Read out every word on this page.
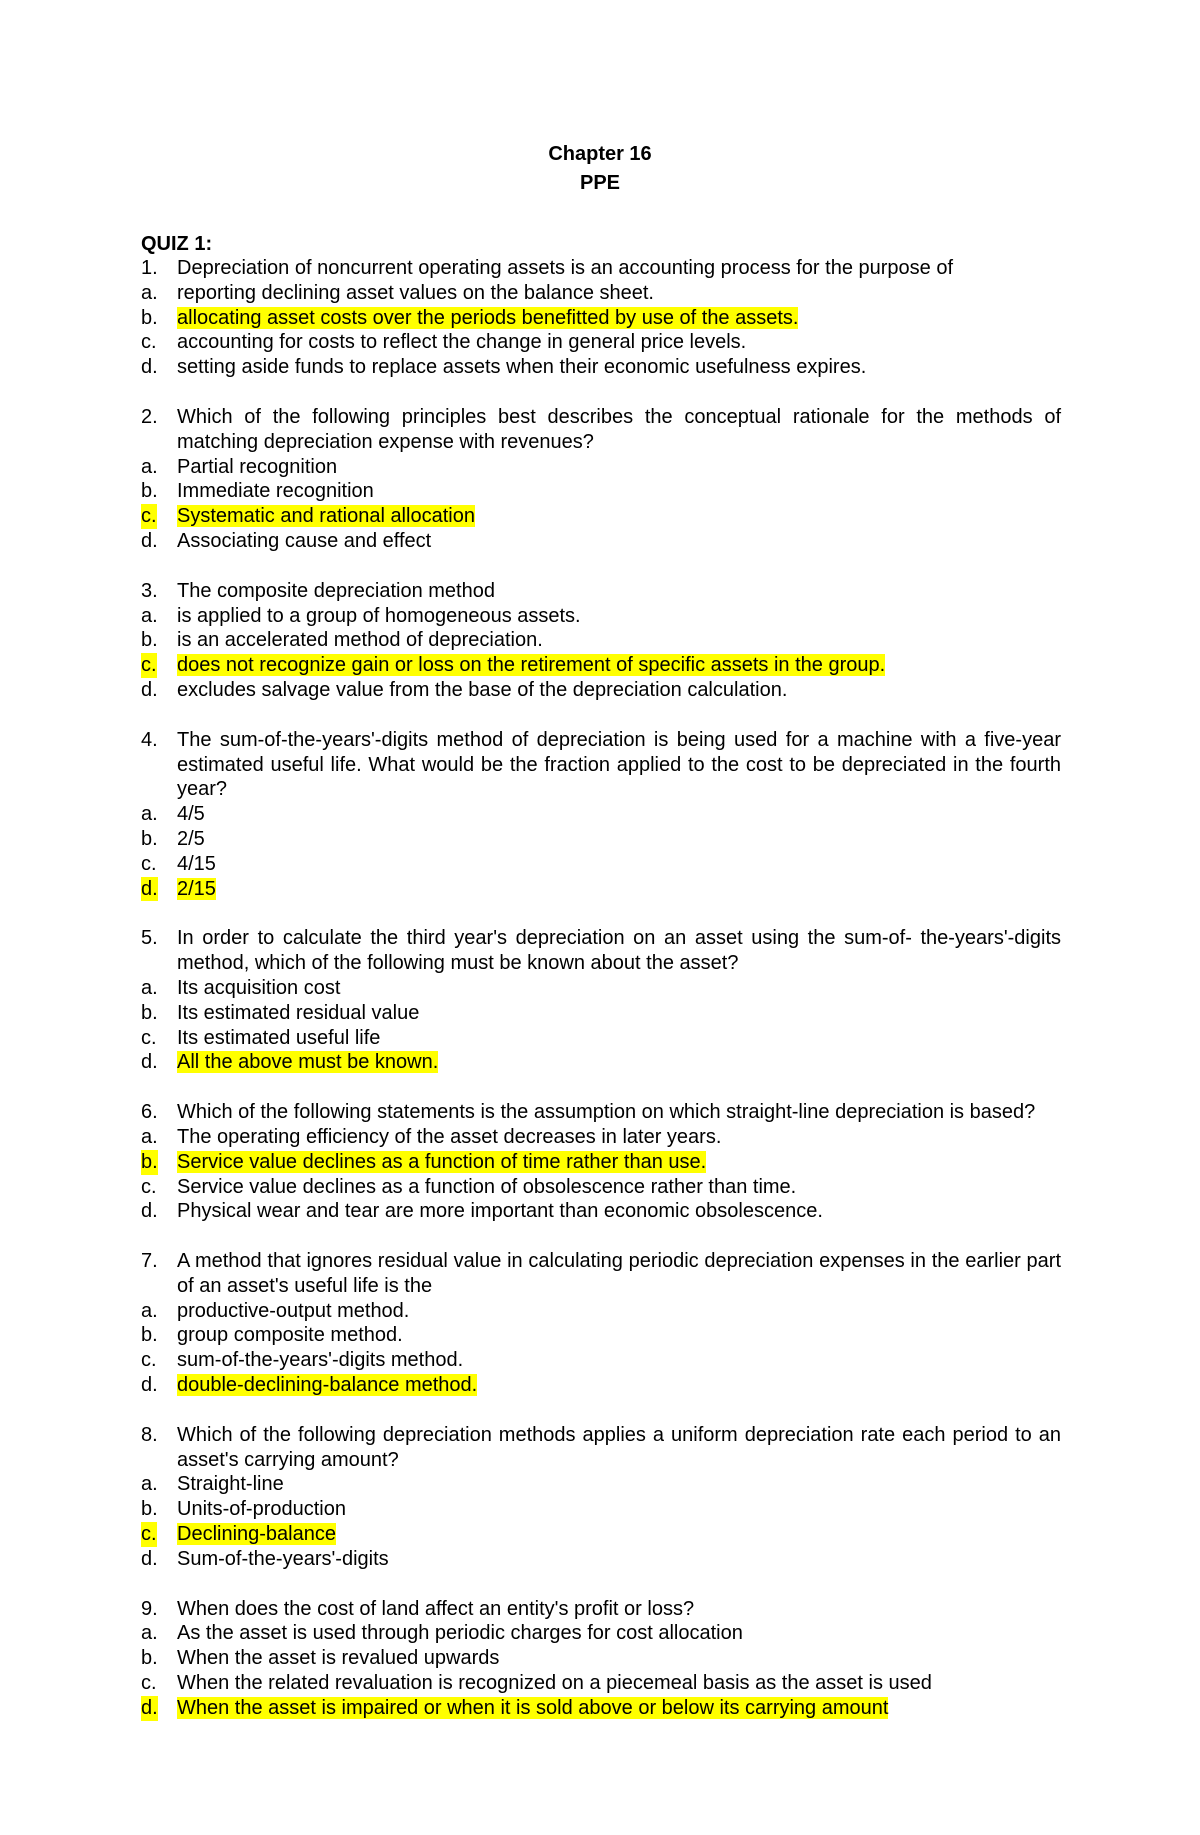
Chapter 16
PPE
QUIZ 1:
1. Depreciation of noncurrent operating assets is an accounting process for the purpose of
a. reporting declining asset values on the balance sheet.
b. allocating asset costs over the periods benefitted by use of the assets.
c. accounting for costs to reflect the change in general price levels.
d. setting aside funds to replace assets when their economic usefulness expires.
2. Which of the following principles best describes the conceptual rationale for the methods of matching depreciation expense with revenues?
a. Partial recognition
b. Immediate recognition
c. Systematic and rational allocation
d. Associating cause and effect
3. The composite depreciation method
a. is applied to a group of homogeneous assets.
b. is an accelerated method of depreciation.
c. does not recognize gain or loss on the retirement of specific assets in the group.
d. excludes salvage value from the base of the depreciation calculation.
4. The sum-of-the-years'-digits method of depreciation is being used for a machine with a five-year estimated useful life. What would be the fraction applied to the cost to be depreciated in the fourth year?
a. 4/5
b. 2/5
c. 4/15
d. 2/15
5. In order to calculate the third year's depreciation on an asset using the sum-of- the-years'-digits method, which of the following must be known about the asset?
a. Its acquisition cost
b. Its estimated residual value
c. Its estimated useful life
d. All the above must be known.
6. Which of the following statements is the assumption on which straight-line depreciation is based?
a. The operating efficiency of the asset decreases in later years.
b. Service value declines as a function of time rather than use.
c. Service value declines as a function of obsolescence rather than time.
d. Physical wear and tear are more important than economic obsolescence.
7. A method that ignores residual value in calculating periodic depreciation expenses in the earlier part of an asset's useful life is the
a. productive-output method.
b. group composite method.
c. sum-of-the-years'-digits method.
d. double-declining-balance method.
8. Which of the following depreciation methods applies a uniform depreciation rate each period to an asset's carrying amount?
a. Straight-line
b. Units-of-production
c. Declining-balance
d. Sum-of-the-years'-digits
9. When does the cost of land affect an entity's profit or loss?
a. As the asset is used through periodic charges for cost allocation
b. When the asset is revalued upwards
c. When the related revaluation is recognized on a piecemeal basis as the asset is used
d. When the asset is impaired or when it is sold above or below its carrying amount
